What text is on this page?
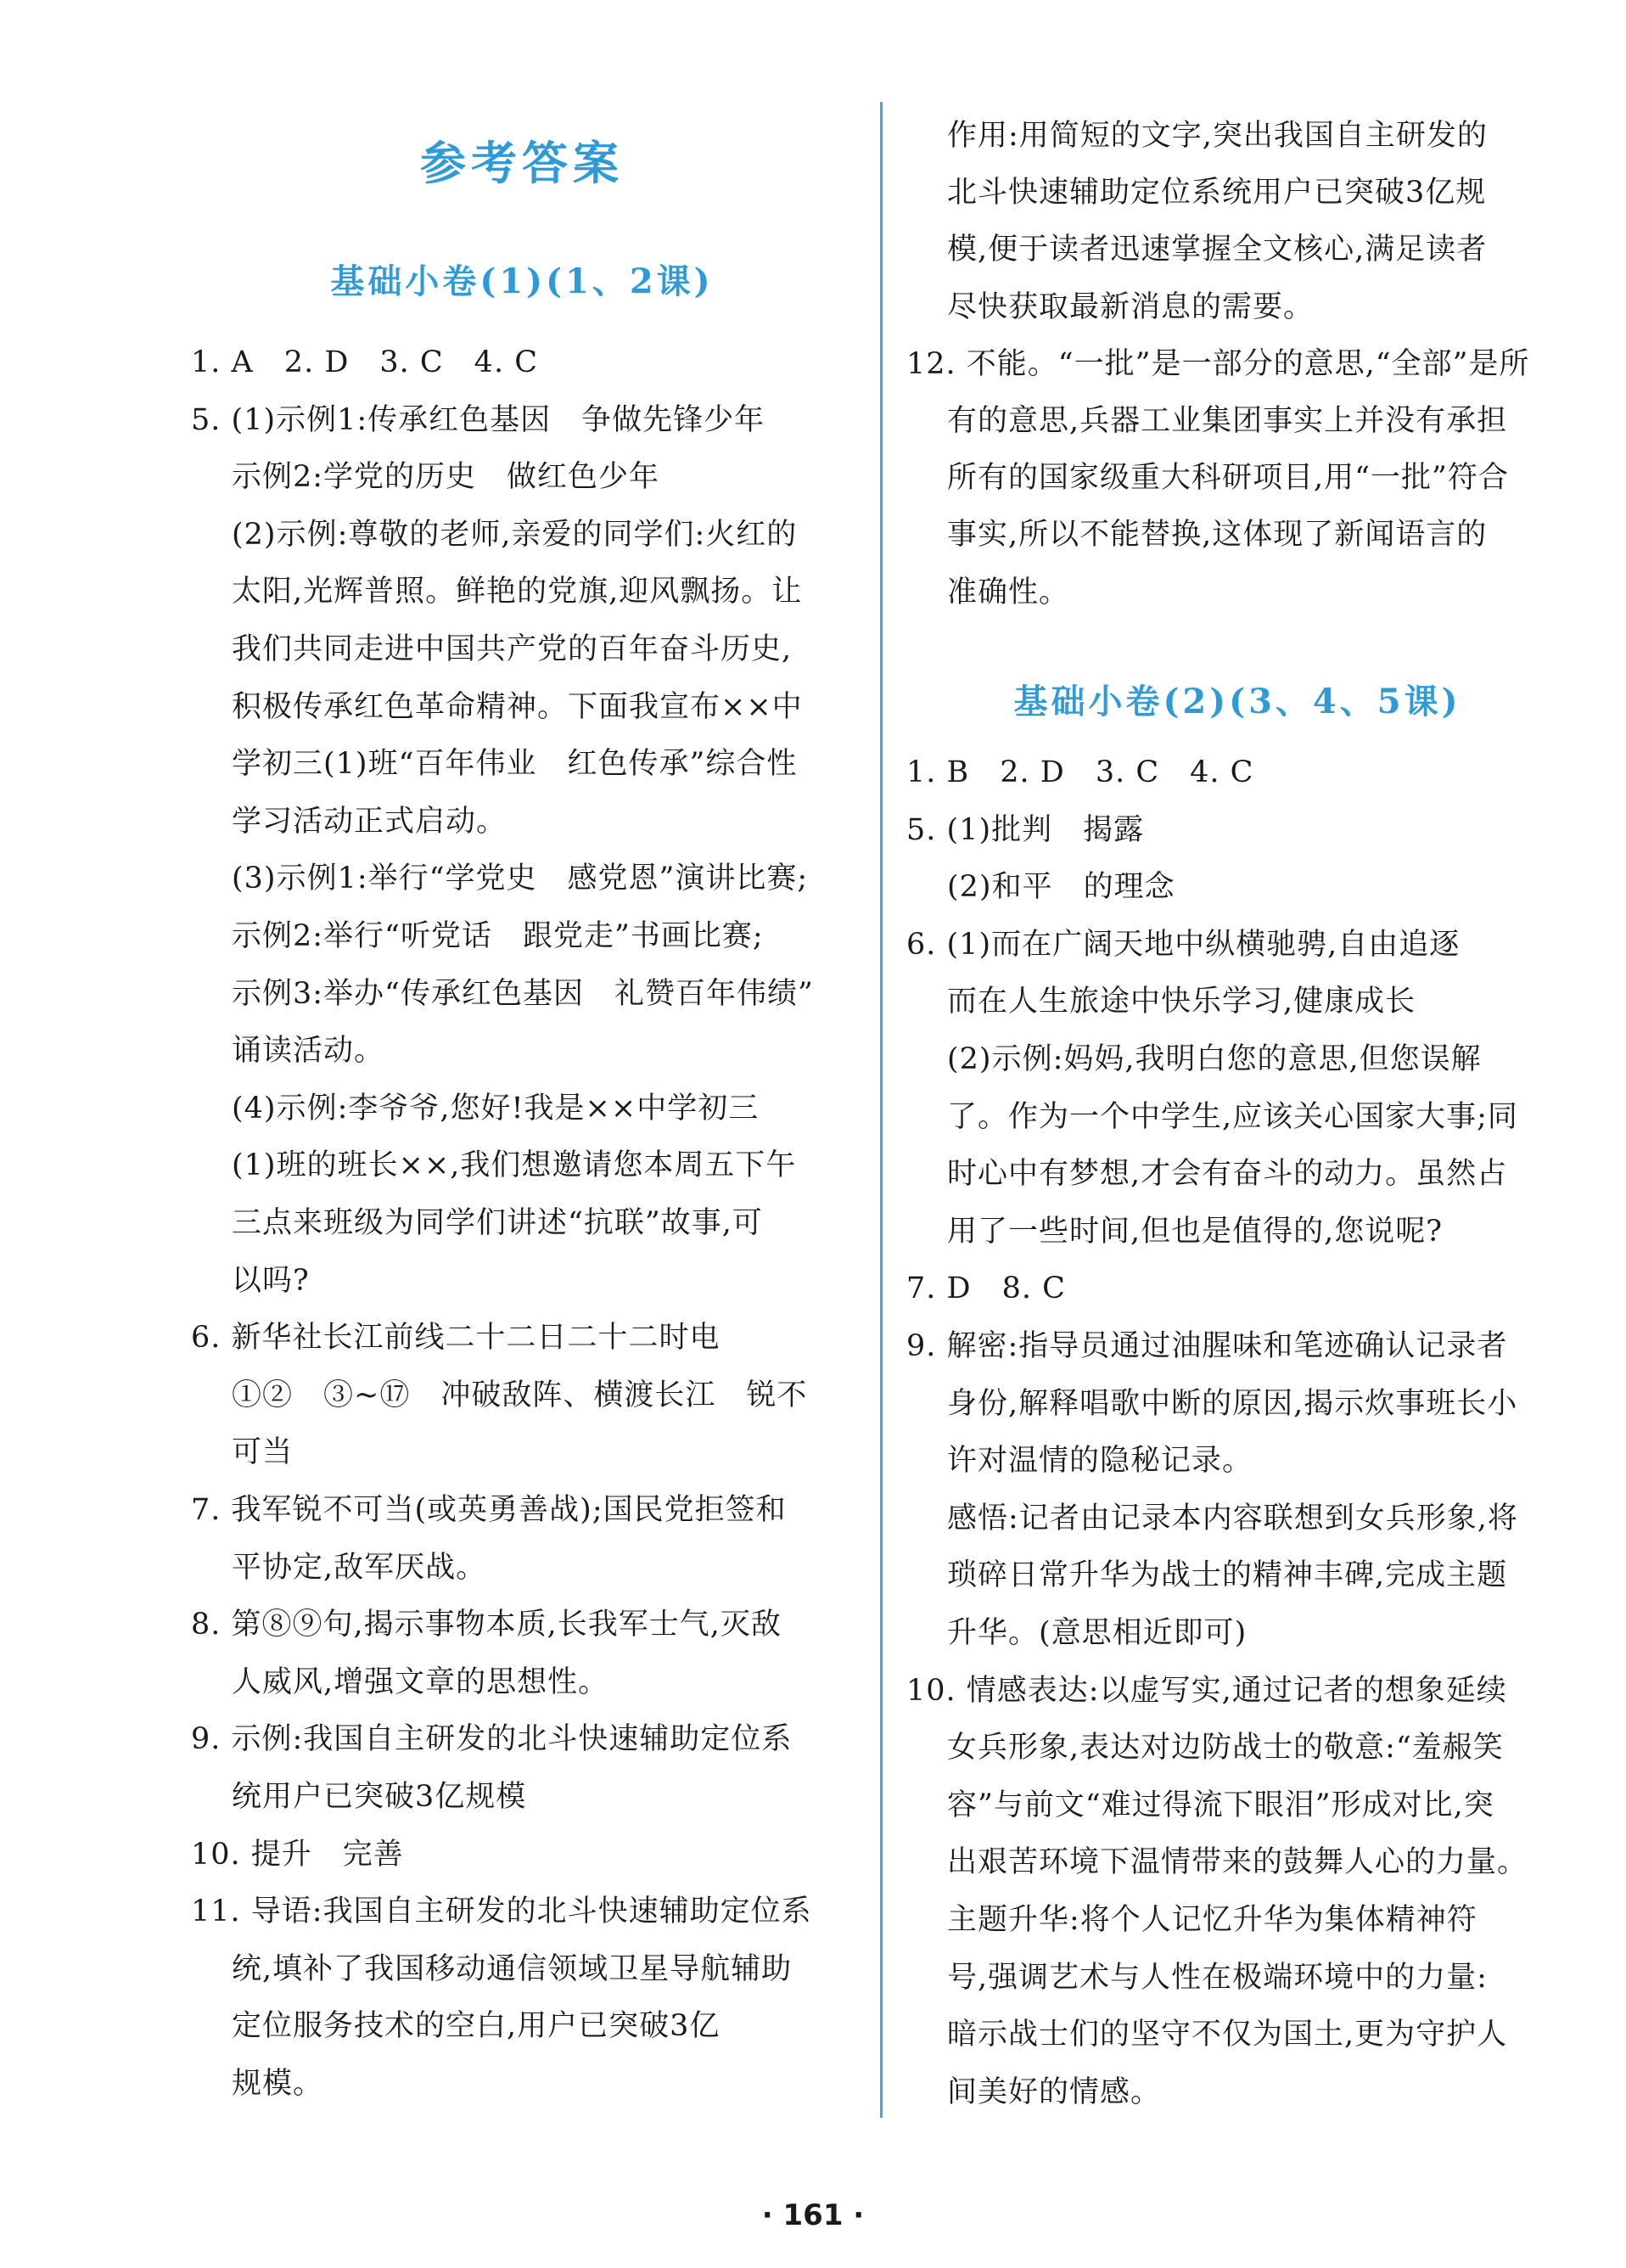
参考答案
基础小卷(1)(1、2课)
1. A　2. D　3. C　4. C
5. (1)示例1:传承红色基因　争做先锋少年
示例2:学党的历史　做红色少年
(2)示例:尊敬的老师,亲爱的同学们:火红的
太阳,光辉普照。鲜艳的党旗,迎风飘扬。让
我们共同走进中国共产党的百年奋斗历史,
积极传承红色革命精神。下面我宣布××中
学初三(1)班“百年伟业　红色传承”综合性
学习活动正式启动。
(3)示例1:举行“学党史　感党恩”演讲比赛;
示例2:举行“听党话　跟党走”书画比赛;
示例3:举办“传承红色基因　礼赞百年伟绩”
诵读活动。
(4)示例:李爷爷,您好!我是××中学初三
(1)班的班长××,我们想邀请您本周五下午
三点来班级为同学们讲述“抗联”故事,可
以吗?
6. 新华社长江前线二十二日二十二时电
①②　③~⑰　冲破敌阵、横渡长江　锐不
可当
7. 我军锐不可当(或英勇善战);国民党拒签和
平协定,敌军厌战。
8. 第⑧⑨句,揭示事物本质,长我军士气,灭敌
人威风,增强文章的思想性。
9. 示例:我国自主研发的北斗快速辅助定位系
统用户已突破3亿规模
10. 提升　完善
11. 导语:我国自主研发的北斗快速辅助定位系
统,填补了我国移动通信领域卫星导航辅助
定位服务技术的空白,用户已突破3亿
规模。
作用:用简短的文字,突出我国自主研发的
北斗快速辅助定位系统用户已突破3亿规
模,便于读者迅速掌握全文核心,满足读者
尽快获取最新消息的需要。
12. 不能。“一批”是一部分的意思,“全部”是所
有的意思,兵器工业集团事实上并没有承担
所有的国家级重大科研项目,用“一批”符合
事实,所以不能替换,这体现了新闻语言的
准确性。
基础小卷(2)(3、4、5课)
1. B　2. D　3. C　4. C
5. (1)批判　揭露
(2)和平　的理念
6. (1)而在广阔天地中纵横驰骋,自由追逐
而在人生旅途中快乐学习,健康成长
(2)示例:妈妈,我明白您的意思,但您误解
了。作为一个中学生,应该关心国家大事;同
时心中有梦想,才会有奋斗的动力。虽然占
用了一些时间,但也是值得的,您说呢?
7. D　8. C
9. 解密:指导员通过油腥味和笔迹确认记录者
身份,解释唱歌中断的原因,揭示炊事班长小
许对温情的隐秘记录。
感悟:记者由记录本内容联想到女兵形象,将
琐碎日常升华为战士的精神丰碑,完成主题
升华。(意思相近即可)
10. 情感表达:以虚写实,通过记者的想象延续
女兵形象,表达对边防战士的敬意:“羞赧笑
容”与前文“难过得流下眼泪”形成对比,突
出艰苦环境下温情带来的鼓舞人心的力量。
主题升华:将个人记忆升华为集体精神符
号,强调艺术与人性在极端环境中的力量:
暗示战士们的坚守不仅为国土,更为守护人
间美好的情感。
· 161 ·
